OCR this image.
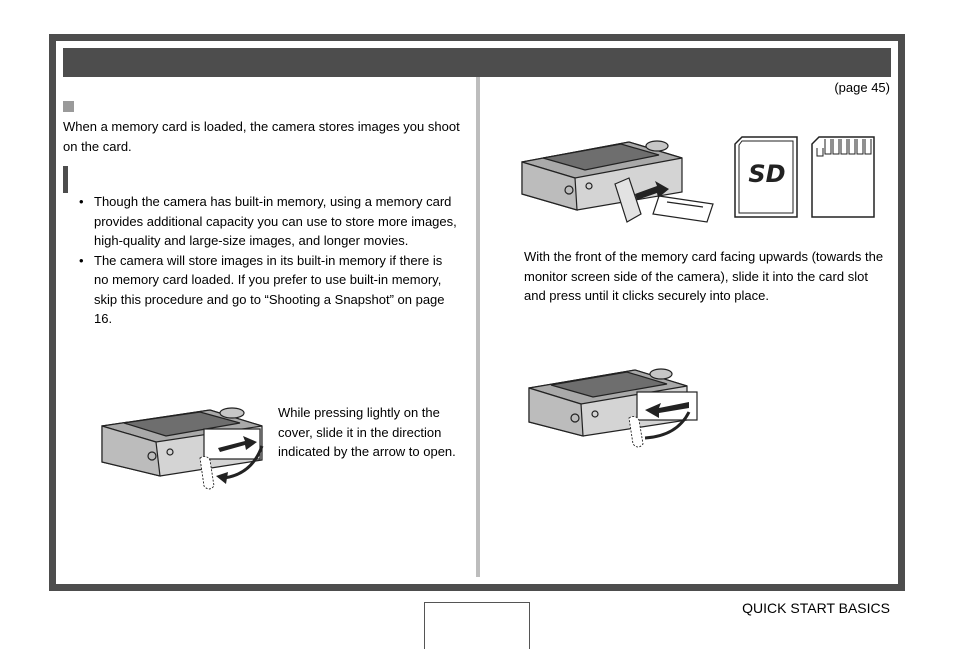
When a memory card is loaded, the camera stores images you shoot on the card.
• Though the camera has built-in memory, using a memory card provides additional capacity you can use to store more images, high-quality and large-size images, and longer movies.
• The camera will store images in its built-in memory if there is no memory card loaded. If you prefer to use built-in memory, skip this procedure and go to “Shooting a Snapshot” on page 16.
While pressing lightly on the cover, slide it in the direction indicated by the arrow to open.
(page 45)
SD
With the front of the memory card facing upwards (towards the monitor screen side of the camera), slide it into the card slot and press until it clicks securely into place.
QUICK START BASICS
